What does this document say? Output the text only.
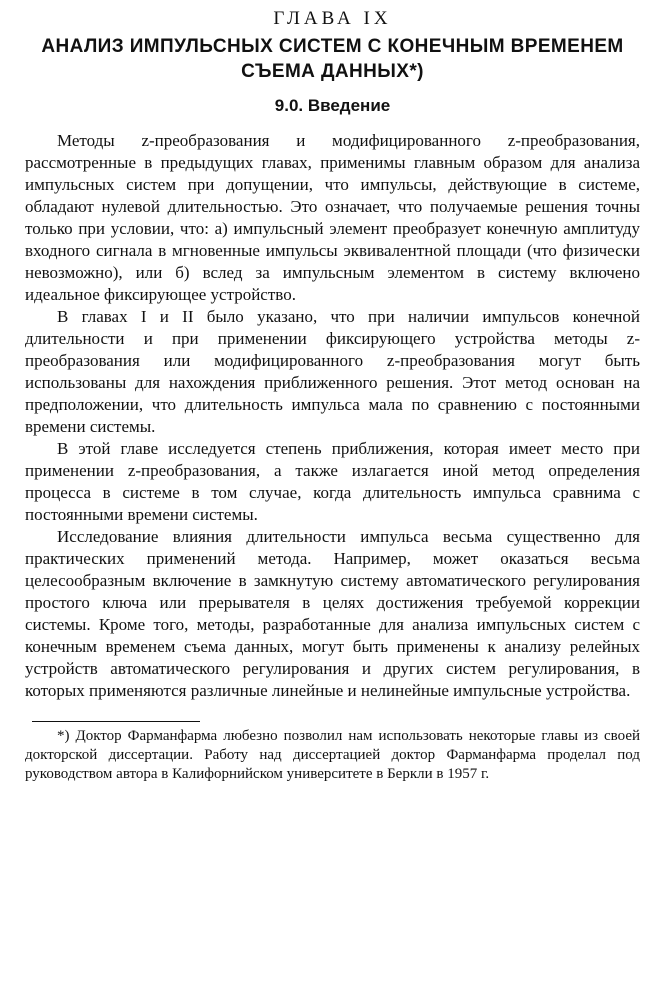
ГЛАВА IX
АНАЛИЗ ИМПУЛЬСНЫХ СИСТЕМ С КОНЕЧНЫМ ВРЕМЕНЕМ СЪЕМА ДАННЫХ*)
9.0. Введение

Методы z-преобразования и модифицированного z-преобразования, рассмотренные в предыдущих главах, применимы главным образом для анализа импульсных систем при допущении, что импульсы, действующие в системе, обладают нулевой длительностью. Это означает, что получаемые решения точны только при условии, что: а) импульсный элемент преобразует конечную амплитуду входного сигнала в мгновенные импульсы эквивалентной площади (что физически невозможно), или б) вслед за импульсным элементом в систему включено идеальное фиксирующее устройство.

В главах I и II было указано, что при наличии импульсов конечной длительности и при применении фиксирующего устройства методы z-преобразования или модифицированного z-преобразования могут быть использованы для нахождения приближенного решения. Этот метод основан на предположении, что длительность импульса мала по сравнению с постоянными времени системы.

В этой главе исследуется степень приближения, которая имеет место при применении z-преобразования, а также излагается иной метод определения процесса в системе в том случае, когда длительность импульса сравнима с постоянными времени системы.

Исследование влияния длительности импульса весьма существенно для практических применений метода. Например, может оказаться весьма целесообразным включение в замкнутую систему автоматического регулирования простого ключа или прерывателя в целях достижения требуемой коррекции системы. Кроме того, методы, разработанные для анализа импульсных систем с конечным временем съема данных, могут быть применены к анализу релейных устройств автоматического регулирования и других систем регулирования, в которых применяются различные линейные и нелинейные импульсные устройства.

*) Доктор Фарманфарма любезно позволил нам использовать некоторые главы из своей докторской диссертации. Работу над диссертацией доктор Фарманфарма проделал под руководством автора в Калифорнийском университете в Беркли в 1957 г.
